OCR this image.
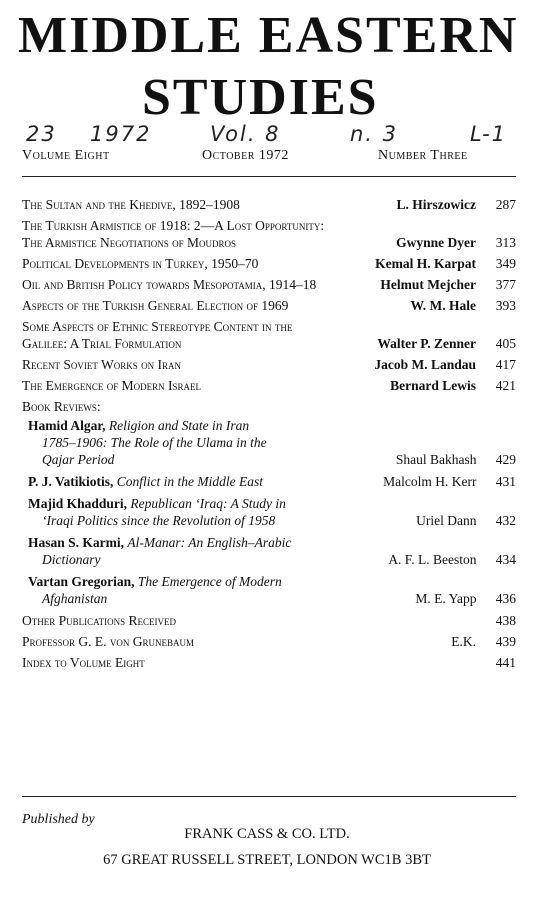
MIDDLE EASTERN
STUDIES
23 1972	Vol. 8	n. 3	L-1
Volume Eight	October 1972	Number Three
The Sultan and the Khedive, 1892–1908	L. Hirszowicz	287
The Turkish Armistice of 1918: 2—A Lost Opportunity: The Armistice Negotiations of Moudros	Gwynne Dyer	313
Political Developments in Turkey, 1950–70	Kemal H. Karpat	349
Oil and British Policy towards Mesopotamia, 1914–18	Helmut Mejcher	377
Aspects of the Turkish General Election of 1969	W. M. Hale	393
Some Aspects of Ethnic Stereotype Content in the Galilee: A Trial Formulation	Walter P. Zenner	405
Recent Soviet Works on Iran	Jacob M. Landau	417
The Emergence of Modern Israel	Bernard Lewis	421
Book Reviews:
Hamid Algar, Religion and State in Iran
1785–1906: The Role of the Ulama in the
Qajar Period	Shaul Bakhash	429
P. J. Vatikiotis, Conflict in the Middle East	Malcolm H. Kerr	431
Majid Khadduri, Republican ‘Iraq: A Study in
‘Iraqi Politics since the Revolution of 1958	Uriel Dann	432
Hasan S. Karmi, Al-Manar: An English–Arabic
Dictionary	A. F. L. Beeston	434
Vartan Gregorian, The Emergence of Modern
Afghanistan	M. E. Yapp	436
Other Publications Received	438
Professor G. E. von Grunebaum	E.K.	439
Index to Volume Eight	441
Published by
FRANK CASS & CO. LTD.
67 GREAT RUSSELL STREET, LONDON WC1B 3BT
